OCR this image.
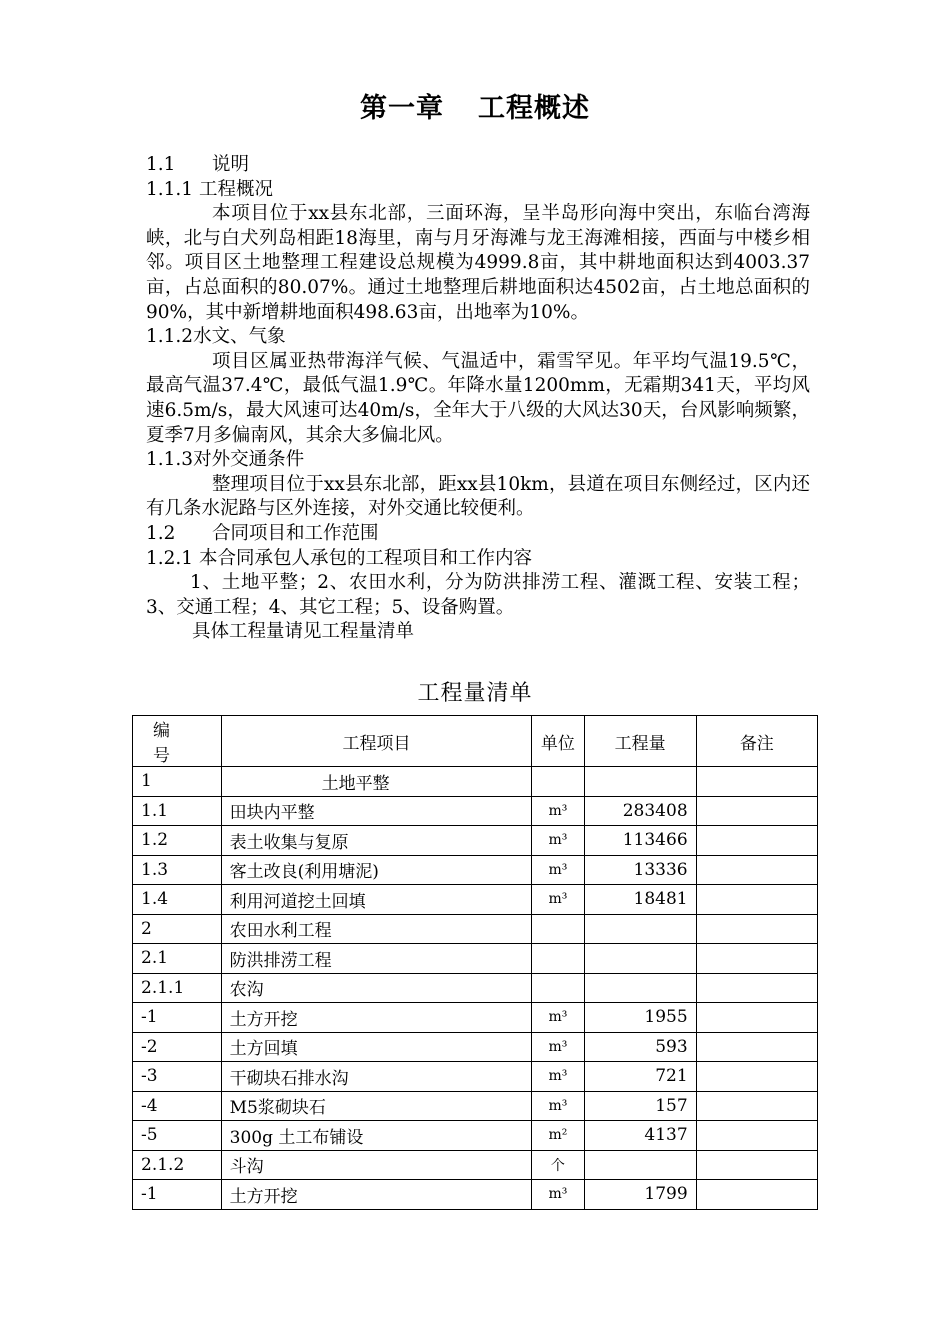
第一章 工程概述
1.1 说明
1.1.1 工程概况
本项目位于xx县东北部，三面环海，呈半岛形向海中突出，东临台湾海峡，北与白犬列岛相距18海里，南与月牙海滩与龙王海滩相接，西面与中楼乡相邻。项目区土地整理工程建设总规模为4999.8亩，其中耕地面积达到4003.37亩，占总面积的80.07%。通过土地整理后耕地面积达4502亩，占土地总面积的90%，其中新增耕地面积498.63亩，出地率为10%。
1.1.2水文、气象
项目区属亚热带海洋气候、气温适中，霜雪罕见。年平均气温19.5℃，最高气温37.4℃，最低气温1.9℃。年降水量1200mm，无霜期341天，平均风速6.5m/s，最大风速可达40m/s，全年大于八级的大风达30天，台风影响频繁，夏季7月多偏南风，其余大多偏北风。
1.1.3对外交通条件
整理项目位于xx县东北部，距xx县10km，县道在项目东侧经过，区内还有几条水泥路与区外连接，对外交通比较便利。
1.2 合同项目和工作范围
1.2.1 本合同承包人承包的工程项目和工作内容
1、土地平整；2、农田水利，分为防洪排涝工程、灌溉工程、安装工程；3、交通工程；4、其它工程；5、设备购置。
具体工程量请见工程量清单
工程量清单
编 号	工程项目	单位	工程量	备注
1	土地平整			
1.1	田块内平整	m³	283408	
1.2	表土收集与复原	m³	113466	
1.3	客土改良(利用塘泥)	m³	13336	
1.4	利用河道挖土回填	m³	18481	
2	农田水利工程			
2.1	防洪排涝工程			
2.1.1	农沟			
-1	土方开挖	m³	1955	
-2	土方回填	m³	593	
-3	干砌块石排水沟	m³	721	
-4	M5浆砌块石	m³	157	
-5	300g 土工布铺设	m²	4137	
2.1.2	斗沟	个		
-1	土方开挖	m³	1799	
